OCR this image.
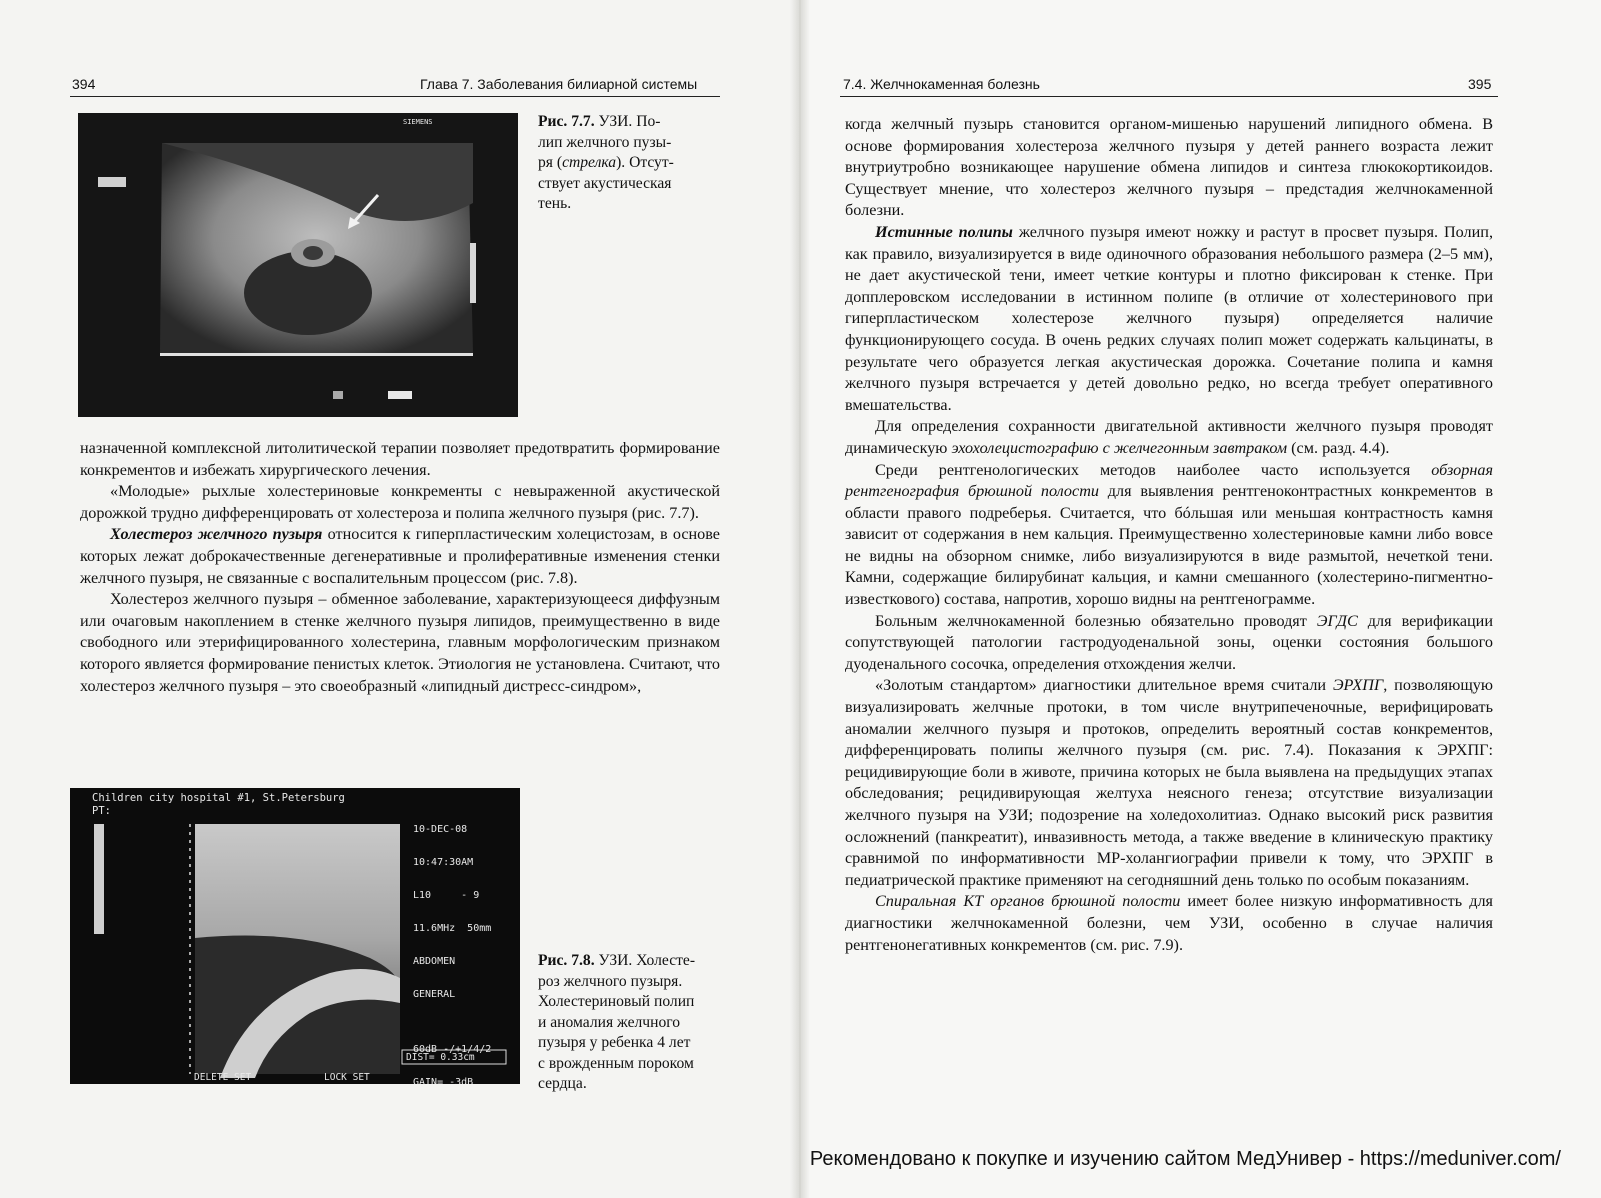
394	Глава 7. Заболевания билиарной системы
SIEMENS	Рис. 7.7. УЗИ. По-
лип желчного пузы-
ря (стрелка). Отсут-
ствует акустическая
тень.

назначенной комплексной литолитической терапии позволяет предотвратить формирование конкрементов и избежать хирургического лечения.

«Молодые» рыхлые холестериновые конкременты с невыраженной акустической дорожкой трудно дифференцировать от холестероза и полипа желчного пузыря (рис. 7.7).

Холестероз желчного пузыря относится к гиперпластическим холециcтозам, в основе которых лежат доброкачественные дегенеративные и пролиферативные изменения стенки желчного пузыря, не связанные с воспалительным процессом (рис. 7.8).

Холестероз желчного пузыря – обменное заболевание, характеризующееся диффузным или очаговым накоплением в стенке желчного пузыря липидов, преимущественно в виде свободного или этерифицированного холестерина, главным морфологическим признаком которого является формирование пенистых клеток. Этиология не установлена. Считают, что холестероз желчного пузыря – это своеобразный «липидный дистресс-синдром»,

Children city hospital #1, St.Petersburg
PT:

10-DEC-08

10:47:30AM

L10     - 9

11.6MHz  50mm

ABDOMEN

GENERAL

60dB -/+1/4/2

GAIN= -3dB

DIST= 0.33cm
DELETE SET	LOCK SET
Рис. 7.8. УЗИ. Холесте-
роз желчного пузыря.
Холестериновый полип
и аномалия желчного
пузыря у ребенка 4 лет
с врожденным пороком
сердца.
7.4. Желчнокаменная болезнь	395

когда желчный пузырь становится органом-мишенью нарушений липидного обмена. В основе формирования холестероза желчного пузыря у детей раннего возраста лежит внутриутробно возникающее нарушение обмена липидов и синтеза глюкокортикоидов. Существует мнение, что холестероз желчного пузыря – предстадия желчнокаменной болезни.

Истинные полипы желчного пузыря имеют ножку и растут в просвет пузыря. Полип, как правило, визуализируется в виде одиночного образования небольшого размера (2–5 мм), не дает акустической тени, имеет четкие контуры и плотно фиксирован к стенке. При допплеровском исследовании в истинном полипе (в отличие от холестеринового при гиперпластическом холестерозе желчного пузыря) определяется наличие функционирующего сосуда. В очень редких случаях полип может содержать кальцинаты, в результате чего образуется легкая акустическая дорожка. Сочетание полипа и камня желчного пузыря встречается у детей довольно редко, но всегда требует оперативного вмешательства.

Для определения сохранности двигательной активности желчного пузыря проводят динамическую эхохолецистографию с желчегонным завтраком (см. разд. 4.4).

Среди рентгенологических методов наиболее часто используется обзорная рентгенография брюшной полости для выявления рентгеноконтрастных конкрементов в области правого подреберья. Считается, что бóльшая или меньшая контрастность камня зависит от содержания в нем кальция. Преимущественно холестериновые камни либо вовсе не видны на обзорном снимке, либо визуализируются в виде размытой, нечеткой тени. Камни, содержащие билирубинат кальция, и камни смешанного (холестерино-пигментно-известкового) состава, напротив, хорошо видны на рентгенограмме.

Больным желчнокаменной болезнью обязательно проводят ЭГДС для верификации сопутствующей патологии гастродуоденальной зоны, оценки состояния большого дуоденального сосочка, определения отхождения желчи.

«Золотым стандартом» диагностики длительное время считали ЭРХПГ, позволяющую визуализировать желчные протоки, в том числе внутрипеченочные, верифицировать аномалии желчного пузыря и протоков, определить вероятный состав конкрементов, дифференцировать полипы желчного пузыря (см. рис. 7.4). Показания к ЭРХПГ: рецидивирующие боли в животе, причина которых не была выявлена на предыдущих этапах обследования; рецидивирующая желтуха неясного генеза; отсутствие визуализации желчного пузыря на УЗИ; подозрение на холедохолитиаз. Однако высокий риск развития осложнений (панкреатит), инвазивность метода, а также введение в клиническую практику сравнимой по информативности МР-холангиографии привели к тому, что ЭРХПГ в педиатрической практике применяют на сегодняшний день только по особым показаниям.

Спиральная КТ органов брюшной полости имеет более низкую информативность для диагностики желчнокаменной болезни, чем УЗИ, особенно в случае наличия рентгенонегативных конкрементов (см. рис. 7.9).

Рекомендовано к покупке и изучению сайтом МедУнивер - https://meduniver.com/
